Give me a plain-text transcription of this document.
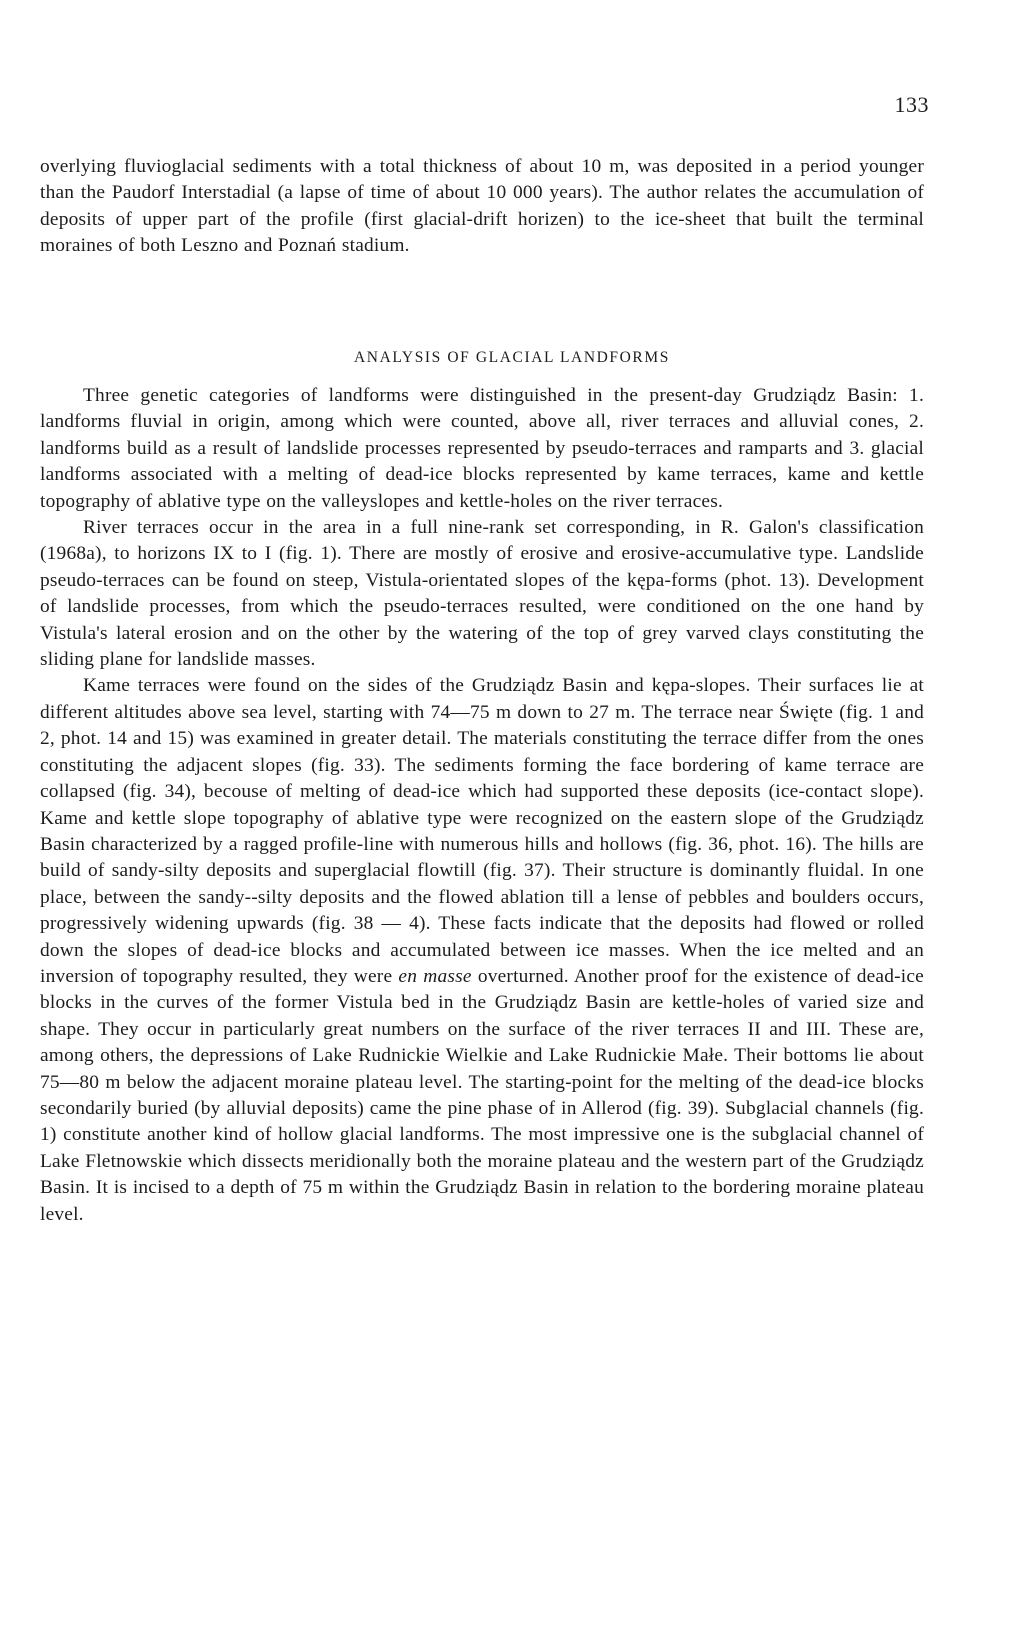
133

overlying fluvioglacial sediments with a total thickness of about 10 m, was deposited in a period younger than the Paudorf Interstadial (a lapse of time of about 10 000 years). The author relates the accumulation of deposits of upper part of the profile (first glacial-drift horizen) to the ice-sheet that built the terminal moraines of both Leszno and Poznań stadium.

ANALYSIS OF GLACIAL LANDFORMS

Three genetic categories of landforms were distinguished in the present-day Grudziądz Basin: 1. landforms fluvial in origin, among which were counted, above all, river terraces and alluvial cones, 2. landforms build as a result of landslide processes represented by pseudo-terraces and ramparts and 3. glacial landforms associated with a melting of dead-ice blocks represented by kame terraces, kame and kettle topography of ablative type on the valleyslopes and kettle-holes on the river terraces.

River terraces occur in the area in a full nine-rank set corresponding, in R. Galon's classification (1968a), to horizons IX to I (fig. 1). There are mostly of erosive and erosive-accumulative type. Landslide pseudo-terraces can be found on steep, Vistula-orientated slopes of the kępa-forms (phot. 13). Development of landslide processes, from which the pseudo-terraces resulted, were conditioned on the one hand by Vistula's lateral erosion and on the other by the watering of the top of grey varved clays constituting the sliding plane for landslide masses.

Kame terraces were found on the sides of the Grudziądz Basin and kępa-slopes. Their surfaces lie at different altitudes above sea level, starting with 74—75 m down to 27 m. The terrace near Święte (fig. 1 and 2, phot. 14 and 15) was examined in greater detail. The materials constituting the terrace differ from the ones constituting the adjacent slopes (fig. 33). The sediments forming the face bordering of kame terrace are collapsed (fig. 34), becouse of melting of dead-ice which had supported these deposits (ice-contact slope). Kame and kettle slope topography of ablative type were recognized on the eastern slope of the Grudziądz Basin characterized by a ragged profile-line with numerous hills and hollows (fig. 36, phot. 16). The hills are build of sandy-silty deposits and superglacial flowtill (fig. 37). Their structure is dominantly fluidal. In one place, between the sandy--silty deposits and the flowed ablation till a lense of pebbles and boulders occurs, progressively widening upwards (fig. 38 — 4). These facts indicate that the deposits had flowed or rolled down the slopes of dead-ice blocks and accumulated between ice masses. When the ice melted and an inversion of topography resulted, they were en masse overturned. Another proof for the existence of dead-ice blocks in the curves of the former Vistula bed in the Grudziądz Basin are kettle-holes of varied size and shape. They occur in particularly great numbers on the surface of the river terraces II and III. These are, among others, the depressions of Lake Rudnickie Wielkie and Lake Rudnickie Małe. Their bottoms lie about 75—80 m below the adjacent moraine plateau level. The starting-point for the melting of the dead-ice blocks secondarily buried (by alluvial deposits) came the pine phase of in Allerod (fig. 39). Subglacial channels (fig. 1) constitute another kind of hollow glacial landforms. The most impressive one is the subglacial channel of Lake Fletnowskie which dissects meridionally both the moraine plateau and the western part of the Grudziądz Basin. It is incised to a depth of 75 m within the Grudziądz Basin in relation to the bordering moraine plateau level.
